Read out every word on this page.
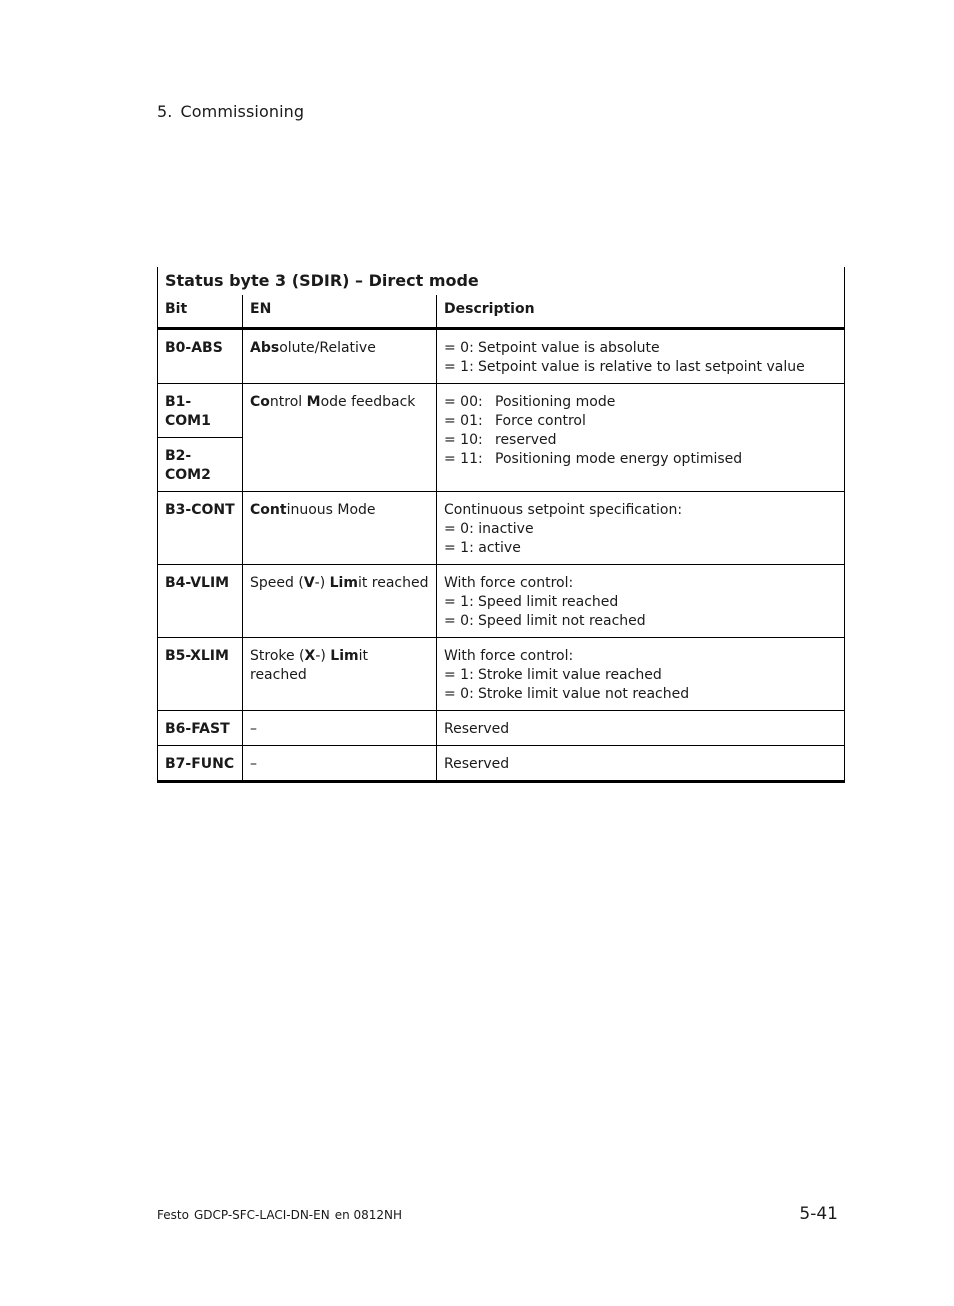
5. Commissioning
Status byte 3 (SDIR) – Direct mode		
Bit	EN	Description
B0-ABS	Absolute/Relative	= 0: Setpoint value is absolute
= 1: Setpoint value is relative to last setpoint value

B1-COM1	Control Mode feedback	= 00: Positioning mode
= 01: Force control
= 10: reserved
= 11: Positioning mode energy optimised

B2-COM2		
B3-CONT	Continuous Mode	Continuous setpoint specification:
= 0: inactive
= 1: active

B4-VLIM	Speed (V-) Limit reached	With force control:
= 1: Speed limit reached
= 0: Speed limit not reached

B5-XLIM	Stroke (X-) Limit reached	With force control:
= 1: Stroke limit value reached
= 0: Stroke limit value not reached

B6-FAST	–	Reserved
B7-FUNC	–	Reserved
Festo GDCP-SFC-LACI-DN-EN en 0812NH	5-41
